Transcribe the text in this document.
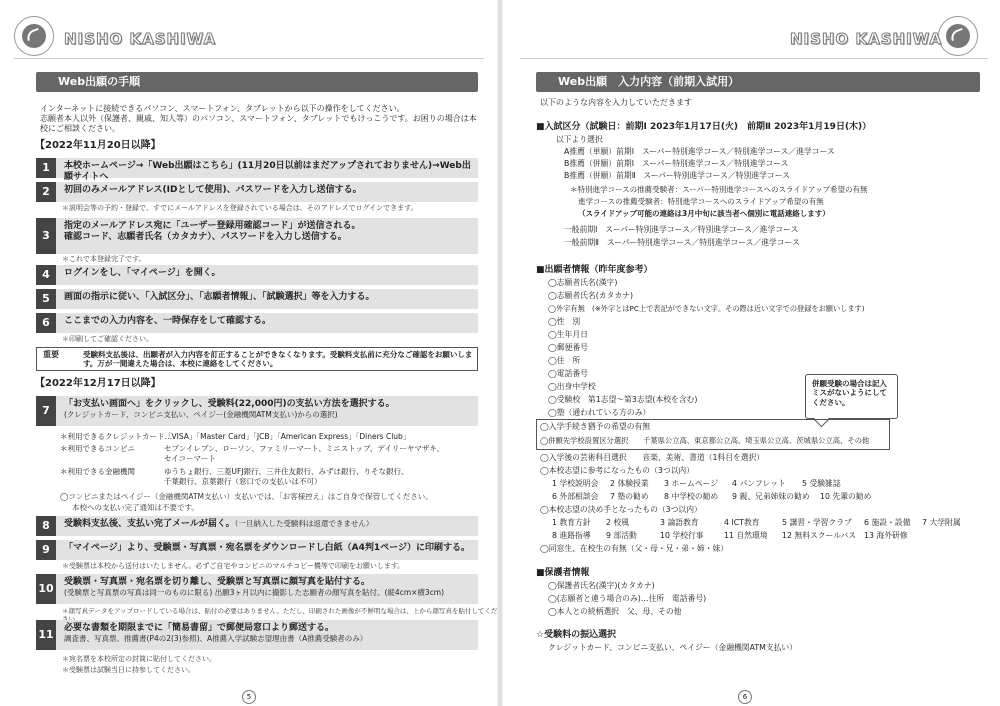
NISHO KASHIWA
Web出願の手順
インターネットに接続できるパソコン、スマートフォン、タブレットから以下の操作をしてください。
志願者本人以外（保護者、親戚、知人等）のパソコン、スマートフォン、タブレットでもけっこうです。お困りの場合は本校にご相談ください。
【2022年11月20日以降】
1	本校ホームページ→「Web出願はこちら」(11月20日以前はまだアップされておりません)→Web出願サイトへ
2	初回のみメールアドレス(IDとして使用)、パスワードを入力し送信する。
＊説明会等の予約・登録で、すでにメールアドレスを登録されている場合は、そのアドレスでログインできます。
3
指定のメールアドレス宛に「ユーザー登録用確認コード」が送信される。
確認コード、志願者氏名（カタカナ）、パスワードを入力し送信する。
＊これで本登録完了です。
4	ログインをし、「マイページ」を開く。
5	画面の指示に従い、「入試区分」、「志願者情報」、「試験選択」等を入力する。
6	ここまでの入力内容を、一時保存をして確認する。
＊印刷してご確認ください。
重要	受験料支払後は、出願者が入力内容を訂正することができなくなります。受験料支払前に充分なご確認をお願いします。万が一間違えた場合は、本校に連絡をしてください。
【2022年12月17日以降】
7
「お支払い画面へ」をクリックし、受験料(22,000円)の支払い方法を選択する。
(クレジットカード、コンビニ支払い、ペイジー(金融機関ATM支払い)からの選択)
＊利用できるクレジットカード…
「VISA」「Master Card」「JCB」「American Express」「Diners Club」
＊利用できるコンビニ	セブンイレブン、ローソン、ファミリーマート、ミニストップ、デイリーヤマザキ、
セイコーマート
＊利用できる金融機関	ゆうちょ銀行、三菱UFJ銀行、三井住友銀行、みずほ銀行、りそな銀行、
千葉銀行、京葉銀行（窓口での支払いは不可）
◯コンビニまたはペイジー（金融機関ATM支払い）支払いでは、「お客様控え」はご自身で保管してください。
本校への支払い完了通知は不要です。
8	受験料支払後、支払い完了メールが届く。（一旦納入した受験料は返還できません）
9	「マイページ」より、受験票・写真票・宛名票をダウンロードし白紙（A4判1ページ）に印刷する。
＊受験票は本校から送付はいたしません。必ずご自宅やコンビニのマルチコピー機等で印刷をお願いします。
10
受験票・写真票・宛名票を切り離し、受験票と写真票に顔写真を貼付する。
(受験票と写真票の写真は同一のものに限る) 出願3ヶ月以内に撮影した志願者の顔写真を貼付。(縦4cm×横3cm)
＊顔写真データをアップロードしている場合は、貼付の必要はありません。ただし、印刷された画像が不鮮明な場合は、上から顔写真を貼付してくだ
11
必要な書類を期限までに「簡易書留」で郵便局窓口より郵送する。
調査書、写真票、推薦書(P4の2(3)参照)、A推薦入学試験志望理由書（A推薦受験者のみ）
＊宛名票を本校所定の封筒に貼付してください。
＊受験票は試験当日に持参してください。
5
NISHO KASHIWA
Web出願　入力内容（前期入試用）
以下のような内容を入力していただきます
■入試区分（試験日：前期Ⅰ 2023年1月17日(火)　前期Ⅱ 2023年1月19日(木)）
以下より選択
A推薦（単願）前期Ⅰ　 スーパー特別進学コース／特別進学コース／進学コース
B推薦（併願）前期Ⅰ　 スーパー特別進学コース／特別進学コース
B推薦（併願）前期Ⅱ　 スーパー特別進学コース／特別進学コース
＊特別進学コースの推薦受験者：スーパー特別進学コースへのスライドアップ希望の有無
進学コースの推薦受験者：特別進学コースへのスライドアップ希望の有無
（スライドアップ可能の連絡は3月中旬に該当者へ個別に電話連絡します）
一般前期Ⅰ　 スーパー特別進学コース／特別進学コース／進学コース
一般前期Ⅱ　 スーパー特別進学コース／特別進学コース／進学コース
■出願者情報（昨年度参考）
◯志願者氏名(漢字)
◯志願者氏名(カタカナ)
◯外字有無　(※外字とはPC上で表記ができない文字。その際は近い文字での登録をお願いします)
◯性　別
◯生年月日
◯郵便番号
◯住　所
◯電話番号
◯出身中学校
◯受験校　第1志望～第3志望(本校を含む)
◯塾（通われている方のみ）
併願受験の場合は記入ミスがないようにしてください。
◯入学手続き猶予の希望の有無
◯併願先学校設置区分選択　　千葉県公立高、東京都公立高、埼玉県公立高、茨城県公立高、その他
◯入学後の芸術科目選択　　音楽、美術、書道（1科目を選択）
◯本校志望に参考になったもの（3つ以内）
1 学校説明会 2 体験授業 3 ホームページ 4 パンフレット 5 受験雑誌
6 外部相談会 7 塾の勧め 8 中学校の勧め 9 親、兄弟姉妹の勧め 10 先輩の勧め
◯本校志望の決め手となったもの（3つ以内）
1 教育方針 2 校風	3 論語教育	4 ICT教育	5 講習・学習クラブ 6 施設・設備 7 大学附属
8 進路指導 9 部活動	10 学校行事	11 自然環境 12 無料スクールバス 13 海外研修
◯同窓生、在校生の有無（父・母・兄・弟・姉・妹）
■保護者情報
◯保護者氏名(漢字)(カタカナ)
◯(志願者と違う場合のみ)…住所　電話番号)
◯本人との続柄選択　父、母、その他
☆受験料の振込選択
クレジットカード、コンビニ支払い、ペイジー（金融機関ATM支払い）
6
